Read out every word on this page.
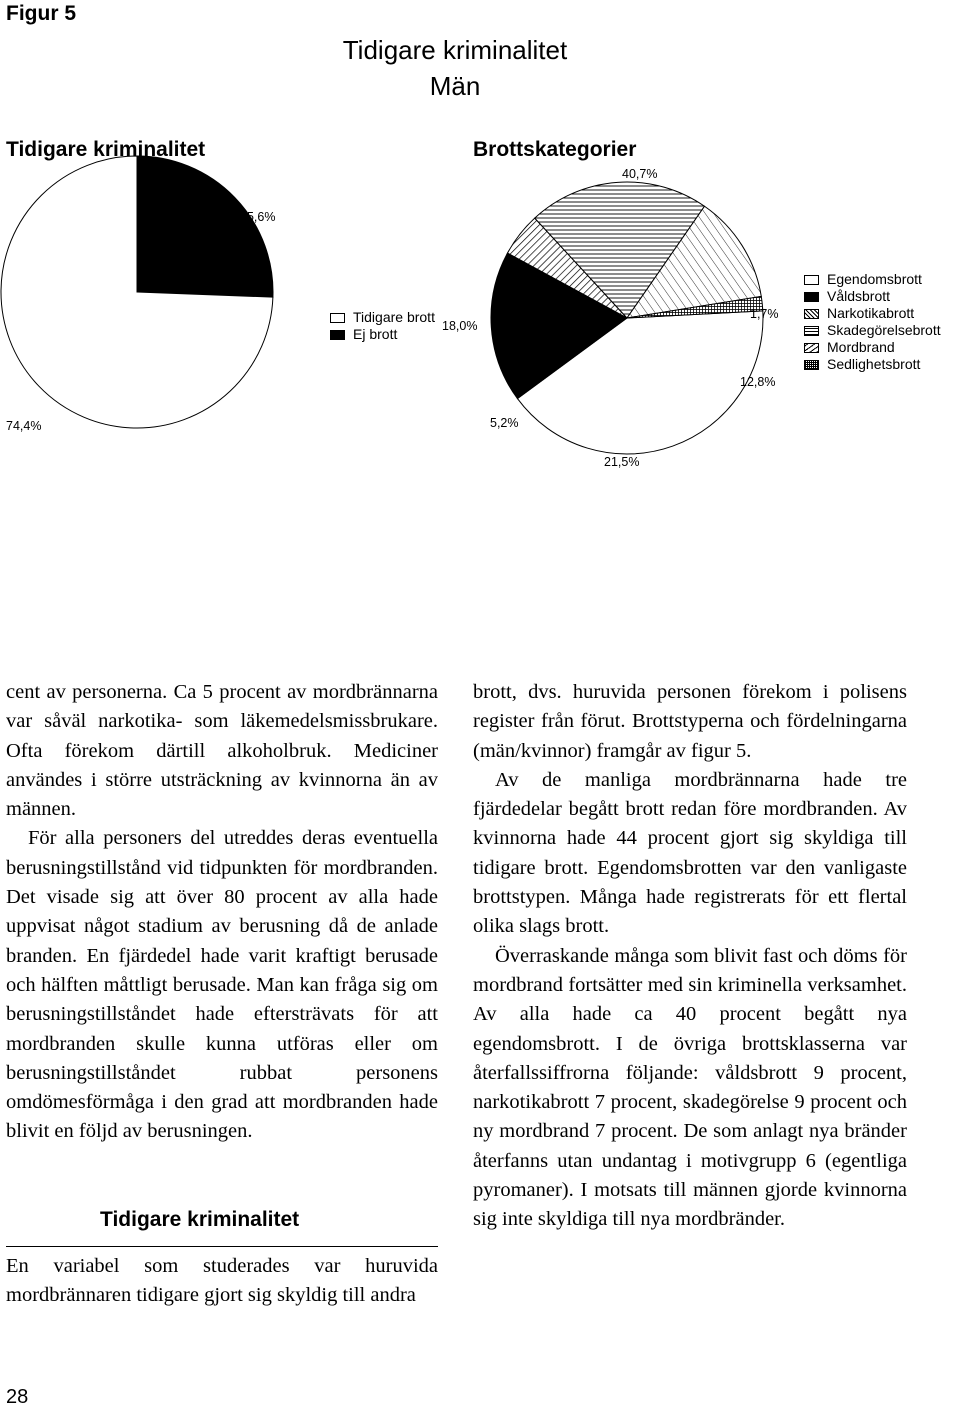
Figur 5
Tidigare kriminalitet
Män
Tidigare kriminalitet	Brottskategorier
25,6%
74,4%
40,7%
18,0%
5,2%
21,5%
12,8%
1,7%
Tidigare brott
Ej brott
Egendomsbrott
Våldsbrott
Narkotikabrott
Skadegörelsebrott
Mordbrand
Sedlighetsbrott

cent av personerna. Ca 5 procent av mordbrännarna var såväl narkotika- som läkemedelsmissbrukare. Ofta förekom därtill alkoholbruk. Mediciner användes i större utsträckning av kvinnorna än av männen.

För alla personers del utreddes deras eventuella berusningstillstånd vid tidpunkten för mordbranden. Det visade sig att över 80 procent av alla hade uppvisat något stadium av berusning då de anlade branden. En fjärdedel hade varit kraftigt berusade och hälften måttligt berusade. Man kan fråga sig om berusningstillståndet hade eftersträvats för att mordbranden skulle kunna utföras eller om berusningstillståndet rubbat personens omdömesförmåga i den grad att mordbranden hade blivit en följd av berusningen.

Tidigare kriminalitet

En variabel som studerades var huruvida mordbrännaren tidigare gjort sig skyldig till andra

brott, dvs. huruvida personen förekom i polisens register från förut. Brottstyperna och fördelningarna (män/kvinnor) framgår av figur 5.

Av de manliga mordbrännarna hade tre fjärdedelar begått brott redan före mordbranden. Av kvinnorna hade 44 procent gjort sig skyldiga till tidigare brott. Egendomsbrotten var den vanligaste brottstypen. Många hade registrerats för ett flertal olika slags brott.

Överraskande många som blivit fast och döms för mordbrand fortsätter med sin kriminella verksamhet. Av alla hade ca 40 procent begått nya egendomsbrott. I de övriga brottsklasserna var återfallssiffrorna följande: våldsbrott 9 procent, narkotikabrott 7 procent, skadegörelse 9 procent och ny mordbrand 7 procent. De som anlagt nya bränder återfanns utan undantag i motivgrupp 6 (egentliga pyromaner). I motsats till männen gjorde kvinnorna sig inte skyldiga till nya mordbränder.

28
